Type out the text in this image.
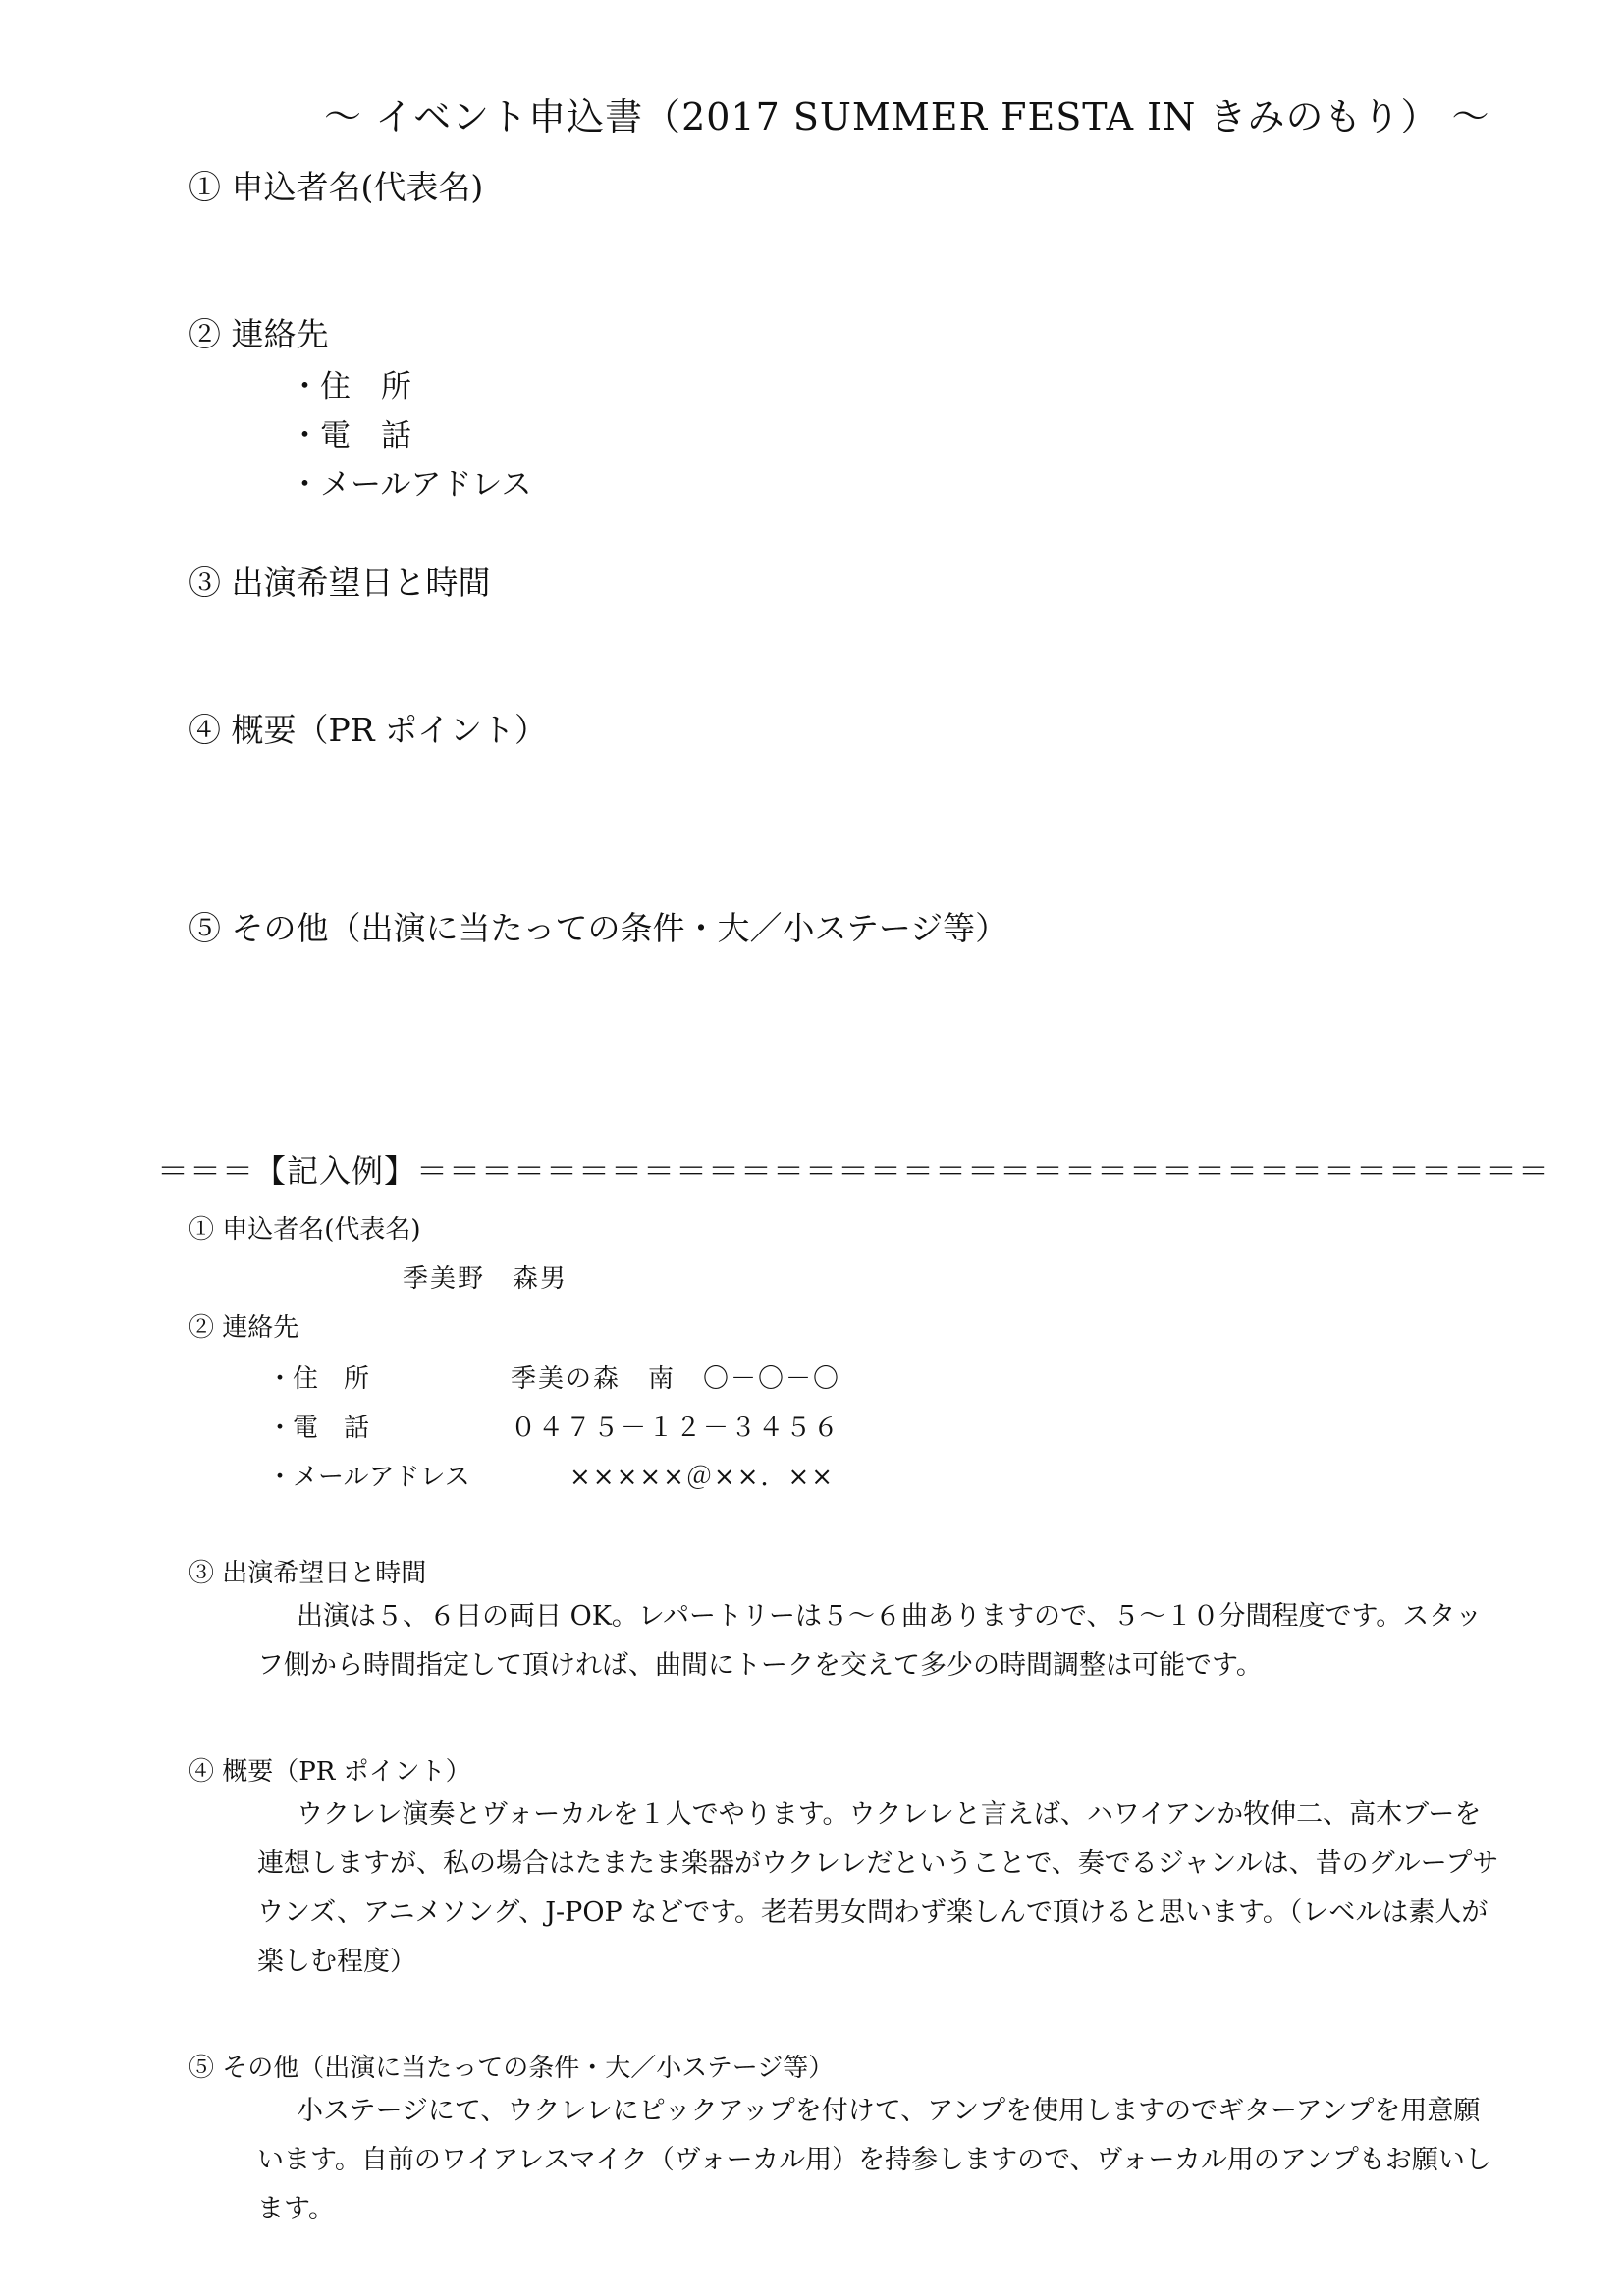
～ イベント申込書（2017 SUMMER FESTA IN きみのもり） ～
① 申込者名(代表名)
② 連絡先
・住　所
・電　話
・メールアドレス
③ 出演希望日と時間
④ 概要（PR ポイント）
⑤ その他（出演に当たっての条件・大／小ステージ等）
＝＝＝【記入例】＝＝＝＝＝＝＝＝＝＝＝＝＝＝＝＝＝＝＝＝＝＝＝＝＝＝＝＝＝＝＝＝＝＝＝
① 申込者名(代表名)
季美野　森男
② 連絡先
・住　所	季美の森　南　〇－〇－〇
・電　話	０４７５－１２－３４５６
・メールアドレス	×××××＠××．××
③ 出演希望日と時間
出演は５、６日の両日 OK。レパートリーは５～６曲ありますので、５～１０分間程度です。スタッフ側から時間指定して頂ければ、曲間にトークを交えて多少の時間調整は可能です。
④ 概要（PR ポイント）
ウクレレ演奏とヴォーカルを１人でやります。ウクレレと言えば、ハワイアンか牧伸二、高木ブーを連想しますが、私の場合はたまたま楽器がウクレレだということで、奏でるジャンルは、昔のグループサウンズ、アニメソング、J-POP などです。老若男女問わず楽しんで頂けると思います。（レベルは素人が楽しむ程度）
⑤ その他（出演に当たっての条件・大／小ステージ等）
小ステージにて、ウクレレにピックアップを付けて、アンプを使用しますのでギターアンプを用意願います。自前のワイアレスマイク（ヴォーカル用）を持参しますので、ヴォーカル用のアンプもお願いします。
